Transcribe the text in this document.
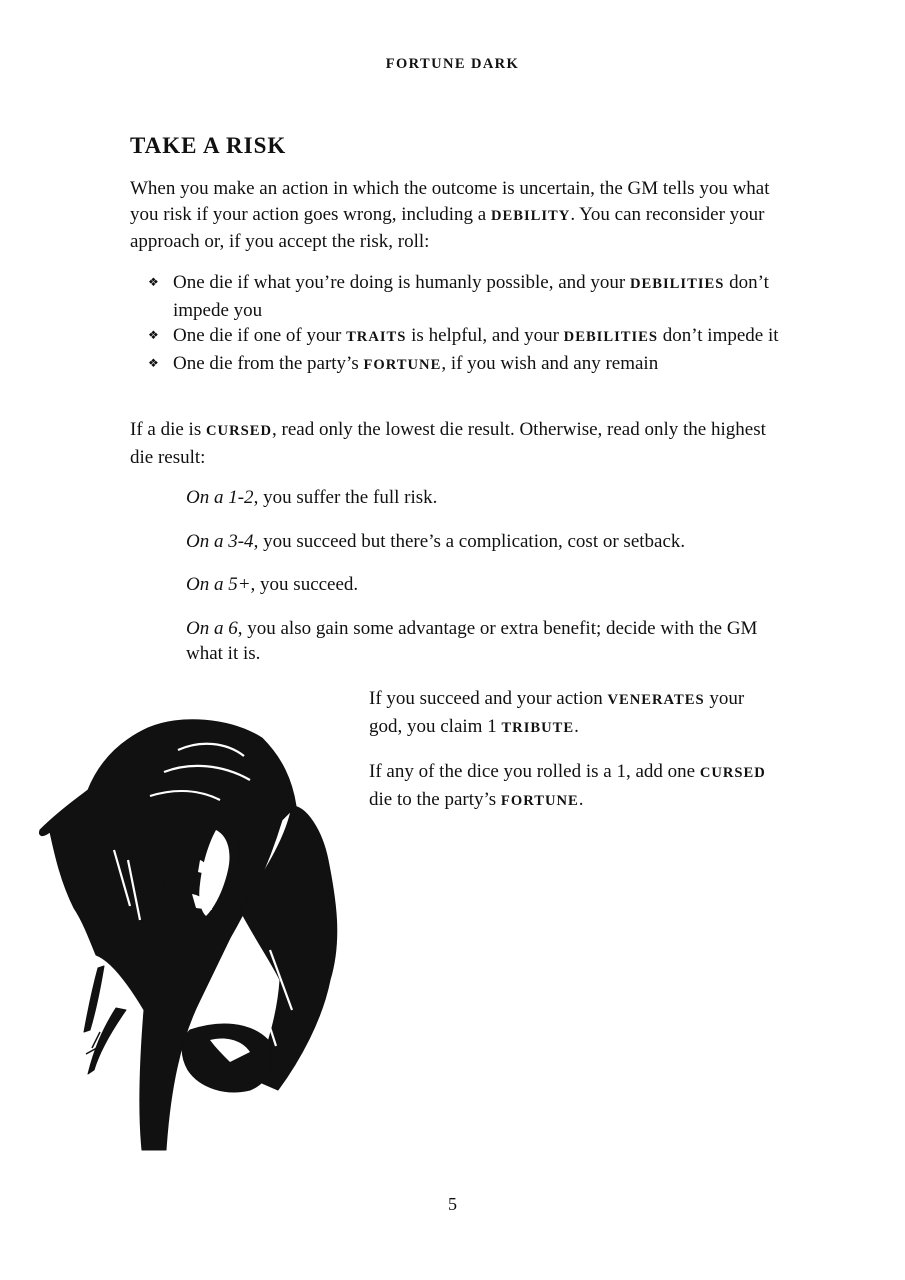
FORTUNE DARK
TAKE A RISK

When you make an action in which the outcome is uncertain, the GM tells you what you risk if your action goes wrong, including a DEBILITY. You can reconsider your approach or, if you accept the risk, roll:

❖ One die if what you’re doing is humanly possible, and your DEBILITIES don’t impede you
❖ One die if one of your TRAITS is helpful, and your DEBILITIES don’t impede it
❖ One die from the party’s FORTUNE, if you wish and any remain

If a die is CURSED, read only the lowest die result. Otherwise, read only the highest die result:

On a 1-2, you suffer the full risk.

On a 3-4, you succeed but there’s a complication, cost or setback.

On a 5+, you succeed.

On a 6, you also gain some advantage or extra benefit; decide with the GM what it is.

If you succeed and your action VENERATES your god, you claim 1 TRIBUTE.

If any of the dice you rolled is a 1, add one CURSED die to the party’s FORTUNE.

5
